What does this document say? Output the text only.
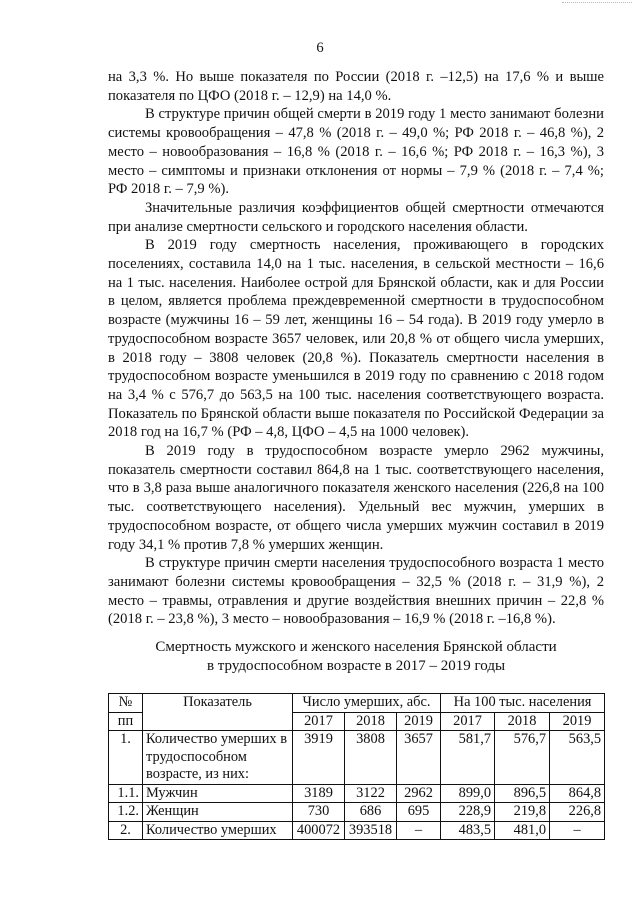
6

на 3,3 %. Но выше показателя по России (2018 г. –12,5) на 17,6 % и выше показателя по ЦФО (2018 г. – 12,9) на 14,0 %.

В структуре причин общей смерти в 2019 году 1 место занимают болезни системы кровообращения – 47,8 % (2018 г. – 49,0 %; РФ 2018 г. – 46,8 %), 2 место – новообразования – 16,8 % (2018 г. – 16,6 %; РФ 2018 г. – 16,3 %), 3 место – симптомы и признаки отклонения от нормы – 7,9 % (2018 г. – 7,4 %; РФ 2018 г. – 7,9 %).

Значительные различия коэффициентов общей смертности отмечаются при анализе смертности сельского и городского населения области.

В 2019 году смертность населения, проживающего в городских поселениях, составила 14,0 на 1 тыс. населения, в сельской местности – 16,6 на 1 тыс. населения. Наиболее острой для Брянской области, как и для России в целом, является проблема преждевременной смертности в трудоспособном возрасте (мужчины 16 – 59 лет, женщины 16 – 54 года). В 2019 году умерло в трудоспособном возрасте 3657 человек, или 20,8 % от общего числа умерших, в 2018 году – 3808 человек (20,8 %). Показатель смертности населения в трудоспособном возрасте уменьшился в 2019 году по сравнению с 2018 годом на 3,4 % с 576,7 до 563,5 на 100 тыс. населения соответствующего возраста. Показатель по Брянской области выше показателя по Российской Федерации за 2018 год на 16,7 % (РФ – 4,8, ЦФО – 4,5 на 1000 человек).

В 2019 году в трудоспособном возрасте умерло 2962 мужчины, показатель смертности составил 864,8 на 1 тыс. соответствующего населения, что в 3,8 раза выше аналогичного показателя женского населения (226,8 на 100 тыс. соответствующего населения). Удельный вес мужчин, умерших в трудоспособном возрасте, от общего числа умерших мужчин составил в 2019 году 34,1 % против 7,8 % умерших женщин.

В структуре причин смерти населения трудоспособного возраста 1 место занимают болезни системы кровообращения – 32,5 % (2018 г. – 31,9 %), 2 место – травмы, отравления и другие воздействия внешних причин – 22,8 % (2018 г. – 23,8 %), 3 место – новообразования – 16,9 % (2018 г. –16,8 %).

Смертность мужского и женского населения Брянской области
в трудоспособном возрасте в 2017 – 2019 годы
№	Показатель	Число умерших, абс.			На 100 тыс. населения		
пп		2017	2018	2019	2017	2018	2019
1.	Количество умерших в трудоспособном возрасте, из них:	3919	3808	3657	581,7	576,7	563,5
1.1.	Мужчин	3189	3122	2962	899,0	896,5	864,8
1.2.	Женщин	730	686	695	228,9	219,8	226,8
2.	Количество умерших	400072	393518	–	483,5	481,0	–
